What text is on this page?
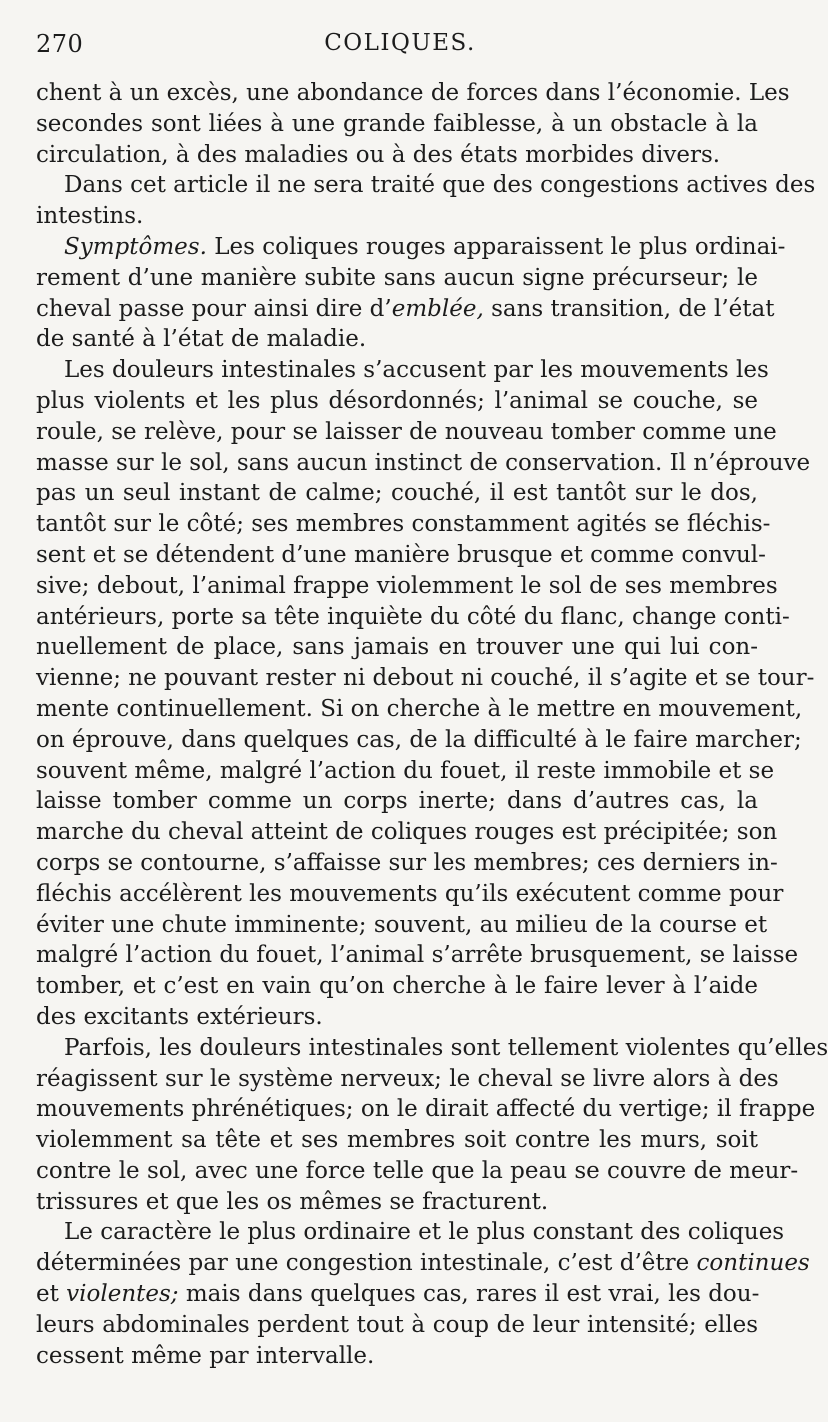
270	COLIQUES.
chent à un excès, une abondance de forces dans l’économie. Les
secondes sont liées à une grande faiblesse, à un obstacle à la
circulation, à des maladies ou à des états morbides divers.
Dans cet article il ne sera traité que des congestions actives des
intestins.
Symptômes. Les coliques rouges apparaissent le plus ordinai-
rement d’une manière subite sans aucun signe précurseur; le
cheval passe pour ainsi dire d’emblée, sans transition, de l’état
de santé à l’état de maladie.
Les douleurs intestinales s’accusent par les mouvements les
plus violents et les plus désordonnés; l’animal se couche, se
roule, se relève, pour se laisser de nouveau tomber comme une
masse sur le sol, sans aucun instinct de conservation. Il n’éprouve
pas un seul instant de calme; couché, il est tantôt sur le dos,
tantôt sur le côté; ses membres constamment agités se fléchis-
sent et se détendent d’une manière brusque et comme convul-
sive; debout, l’animal frappe violemment le sol de ses membres
antérieurs, porte sa tête inquiète du côté du flanc, change conti-
nuellement de place, sans jamais en trouver une qui lui con-
vienne; ne pouvant rester ni debout ni couché, il s’agite et se tour-
mente continuellement. Si on cherche à le mettre en mouvement,
on éprouve, dans quelques cas, de la difficulté à le faire marcher;
souvent même, malgré l’action du fouet, il reste immobile et se
laisse tomber comme un corps inerte; dans d’autres cas, la
marche du cheval atteint de coliques rouges est précipitée; son
corps se contourne, s’affaisse sur les membres; ces derniers in-
fléchis accélèrent les mouvements qu’ils exécutent comme pour
éviter une chute imminente; souvent, au milieu de la course et
malgré l’action du fouet, l’animal s’arrête brusquement, se laisse
tomber, et c’est en vain qu’on cherche à le faire lever à l’aide
des excitants extérieurs.
Parfois, les douleurs intestinales sont tellement violentes qu’elles
réagissent sur le système nerveux; le cheval se livre alors à des
mouvements phrénétiques; on le dirait affecté du vertige; il frappe
violemment sa tête et ses membres soit contre les murs, soit
contre le sol, avec une force telle que la peau se couvre de meur-
trissures et que les os mêmes se fracturent.
Le caractère le plus ordinaire et le plus constant des coliques
déterminées par une congestion intestinale, c’est d’être continues
et violentes; mais dans quelques cas, rares il est vrai, les dou-
leurs abdominales perdent tout à coup de leur intensité; elles
cessent même par intervalle.
